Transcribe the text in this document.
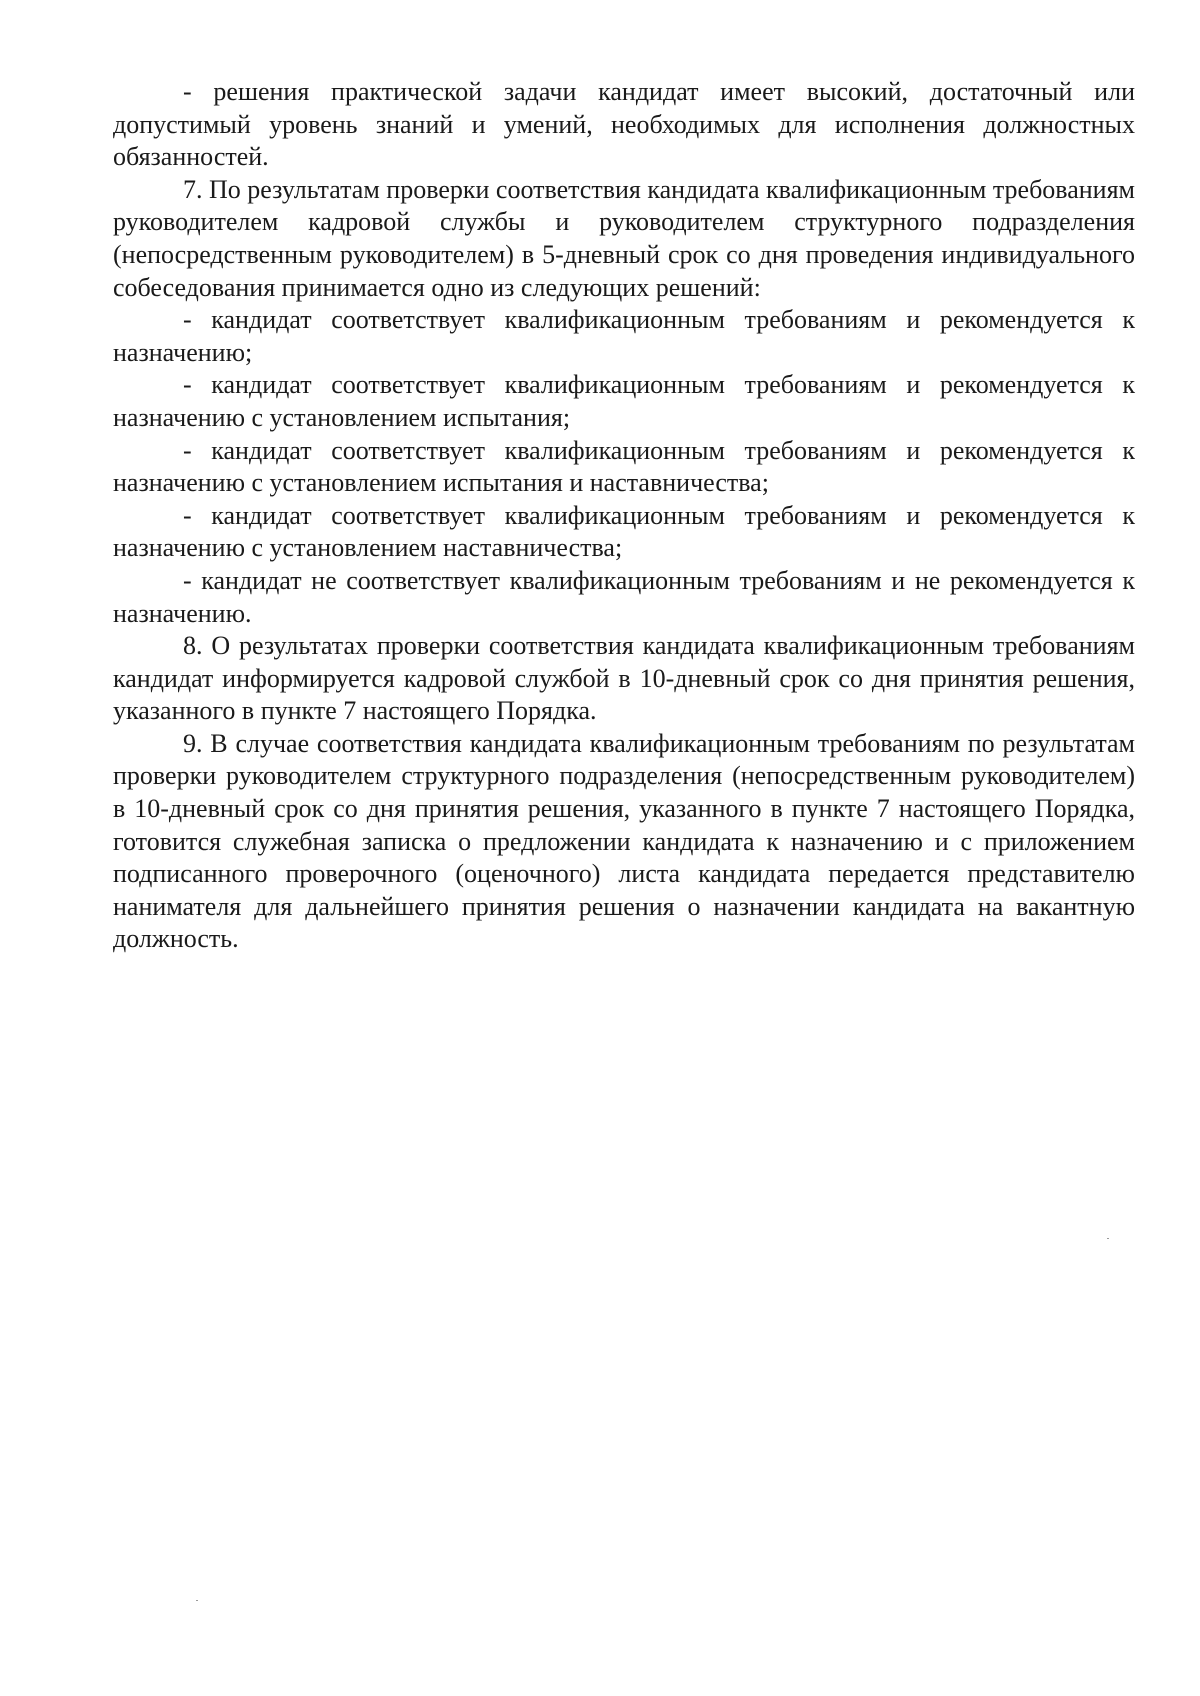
- решения практической задачи кандидат имеет высокий, достаточный или допустимый уровень знаний и умений, необходимых для исполнения должностных обязанностей.

7. По результатам проверки соответствия кандидата квалификационным требованиям руководителем кадровой службы и руководителем структурного подразделения (непосредственным руководителем) в 5-дневный срок со дня проведения индивидуального собеседования принимается одно из следующих решений:

- кандидат соответствует квалификационным требованиям и рекомендуется к назначению;

- кандидат соответствует квалификационным требованиям и рекомендуется к назначению с установлением испытания;

- кандидат соответствует квалификационным требованиям и рекомендуется к назначению с установлением испытания и наставничества;

- кандидат соответствует квалификационным требованиям и рекомендуется к назначению с установлением наставничества;

- кандидат не соответствует квалификационным требованиям и не рекомендуется к назначению.

8. О результатах проверки соответствия кандидата квалификационным требованиям кандидат информируется кадровой службой в 10-дневный срок со дня принятия решения, указанного в пункте 7 настоящего Порядка.

9. В случае соответствия кандидата квалификационным требованиям по результатам проверки руководителем структурного подразделения (непосредственным руководителем) в 10-дневный срок со дня принятия решения, указанного в пункте 7 настоящего Порядка, готовится служебная записка о предложении кандидата к назначению и с приложением подписанного проверочного (оценочного) листа кандидата передается представителю нанимателя для дальнейшего принятия решения о назначении кандидата на вакантную должность.
